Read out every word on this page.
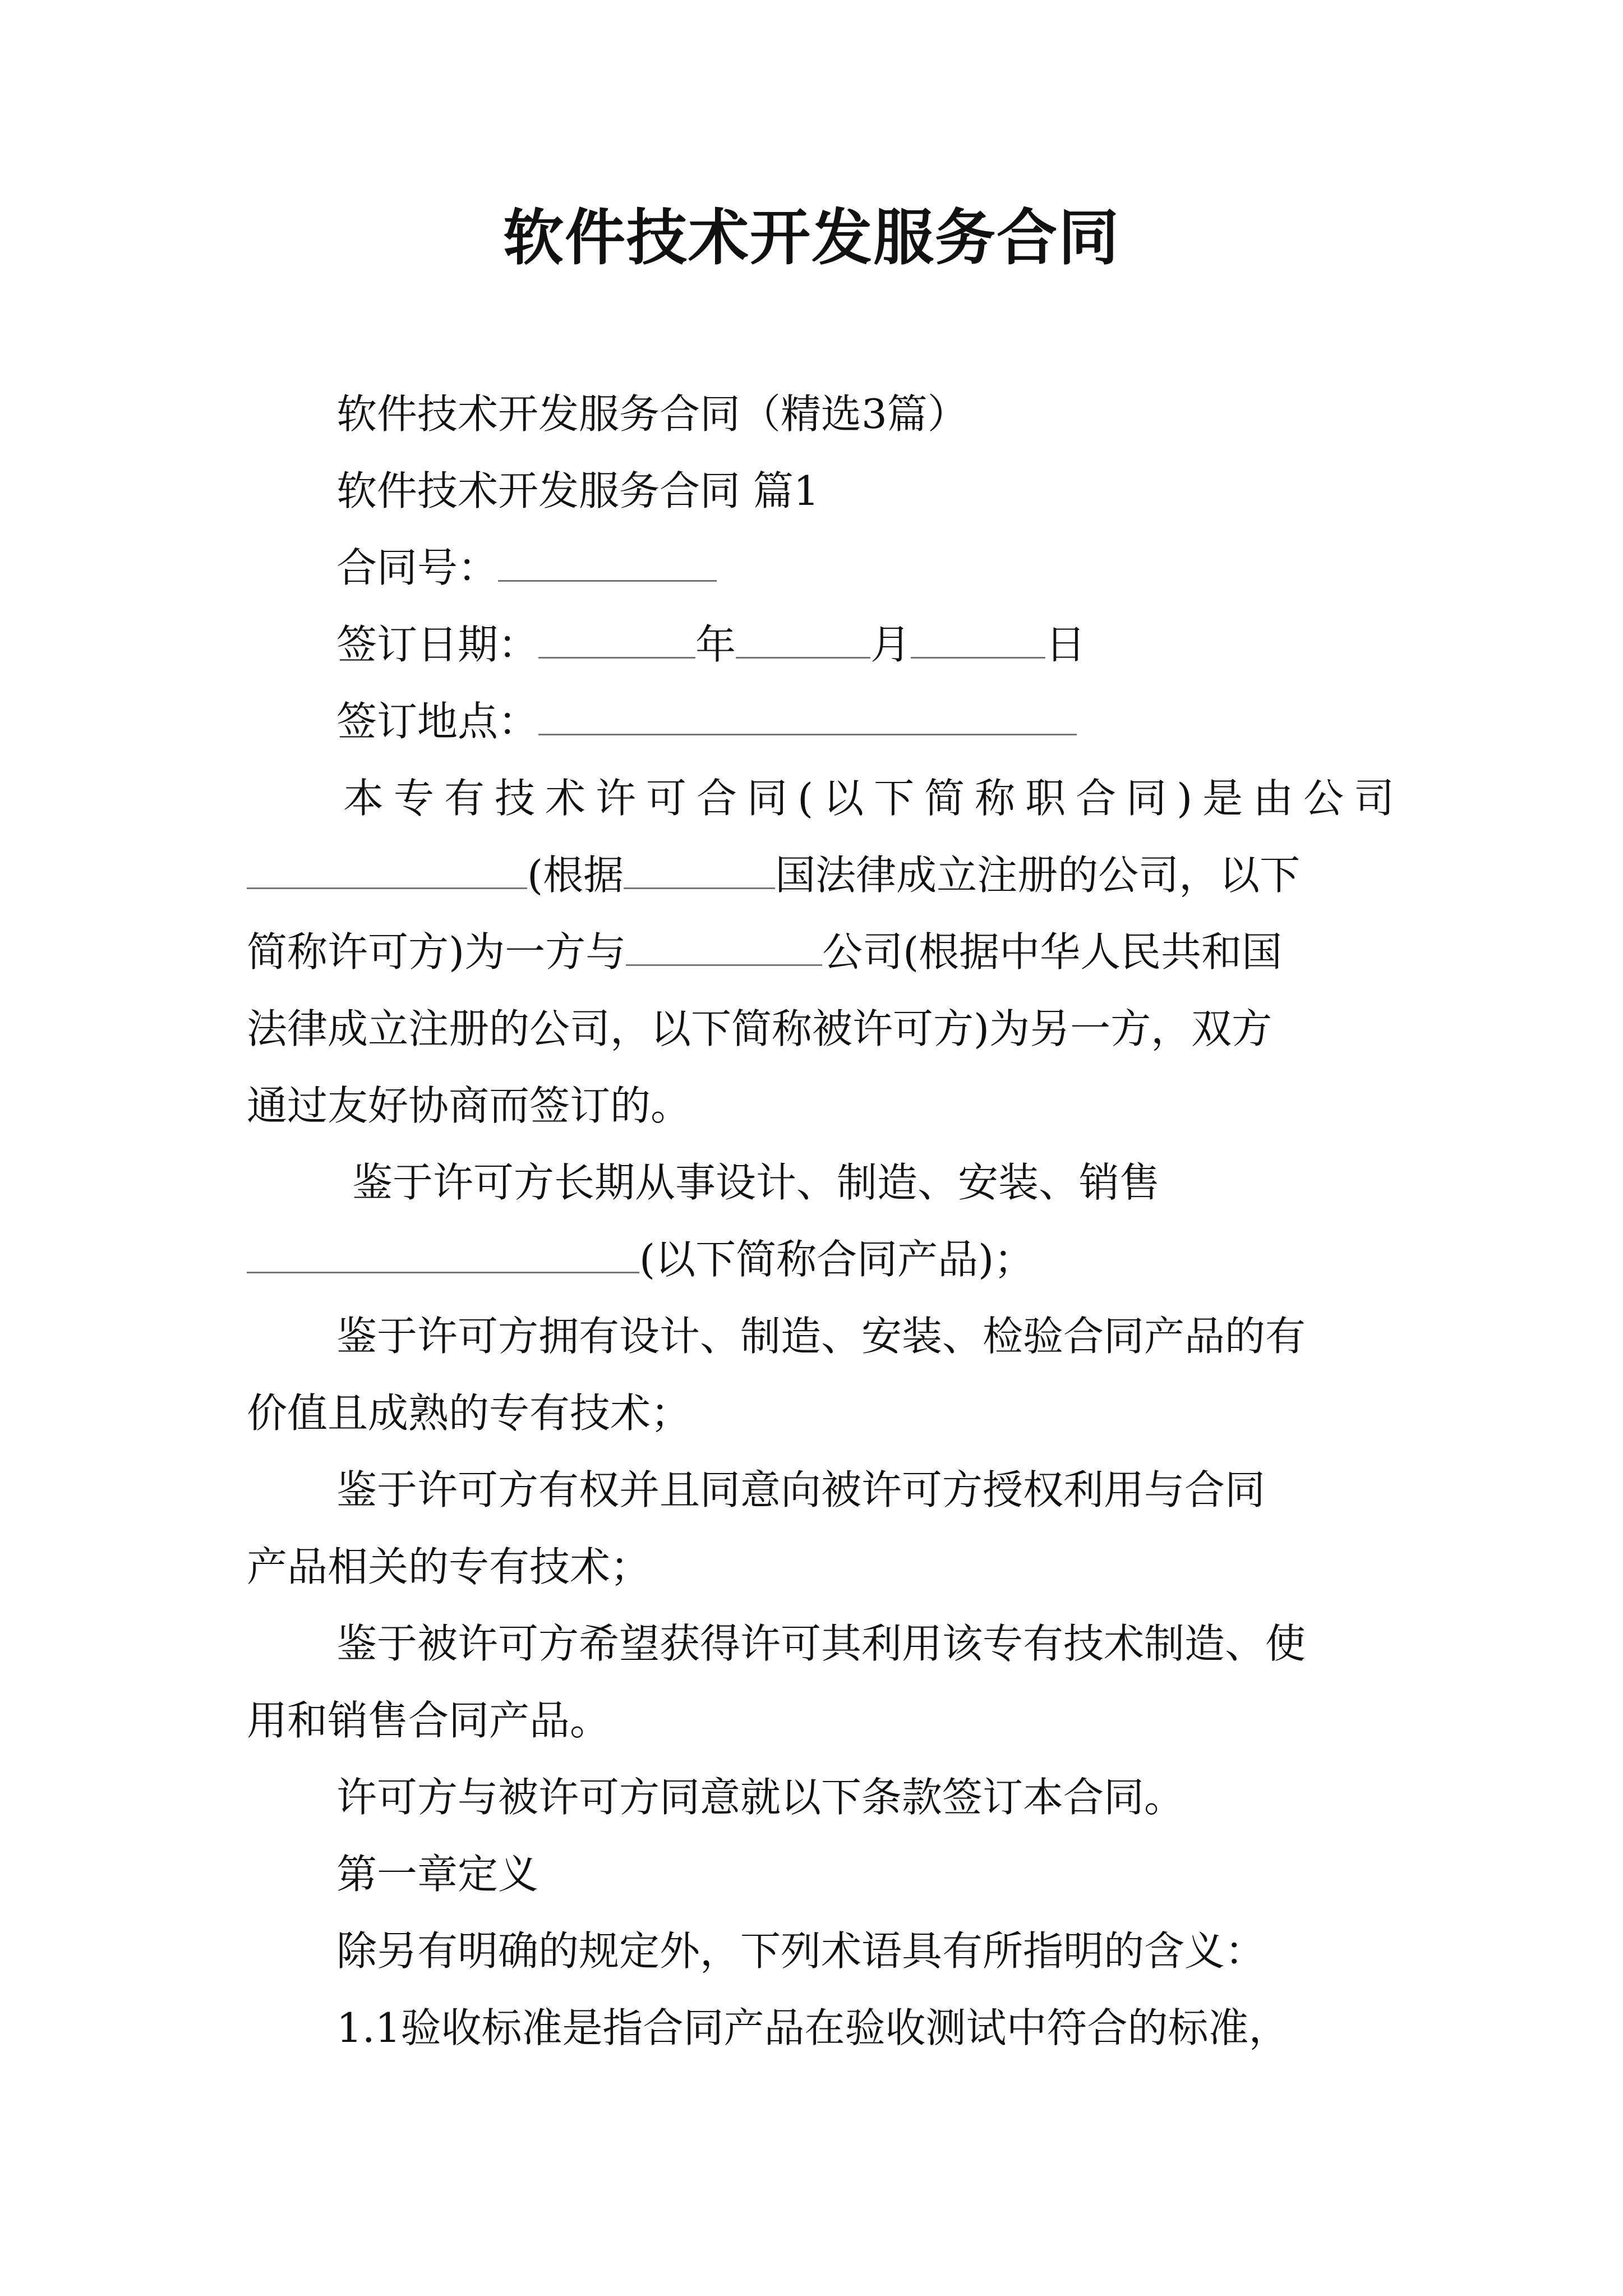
软件技术开发服务合同
软件技术开发服务合同（精选3篇）
软件技术开发服务合同 篇1
合同号：
签订日期：	年	月	日
签订地点：
本专有技术许可合同(以下简称职合同)是由公司
(根据	国法律成立注册的公司，以下
简称许可方)为一方与	公司(根据中华人民共和国
法律成立注册的公司，以下简称被许可方)为另一方，双方
通过友好协商而签订的。
鉴于许可方长期从事设计、制造、安装、销售
(以下简称合同产品)；
鉴于许可方拥有设计、制造、安装、检验合同产品的有
价值且成熟的专有技术；
鉴于许可方有权并且同意向被许可方授权利用与合同
产品相关的专有技术；
鉴于被许可方希望获得许可其利用该专有技术制造、使
用和销售合同产品。
许可方与被许可方同意就以下条款签订本合同。
第一章定义
除另有明确的规定外，下列术语具有所指明的含义：
1.1验收标准是指合同产品在验收测试中符合的标准，
